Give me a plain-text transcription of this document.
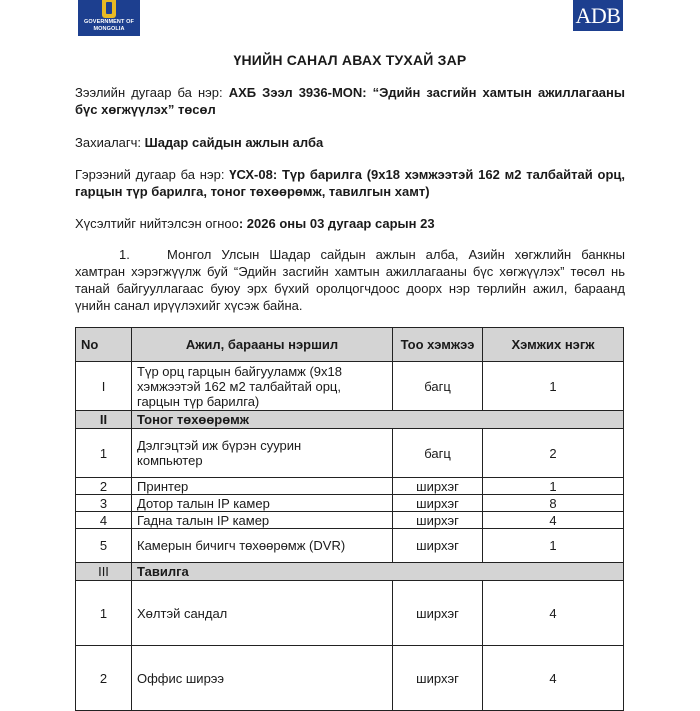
GOVERNMENT OF
MONGOLIA
ADB
ҮНИЙН САНАЛ АВАХ ТУХАЙ ЗАР
Зээлийн дугаар ба нэр: АХБ Зээл 3936-MON: “Эдийн засгийн хамтын ажиллагааны бүс хөгжүүлэх” төсөл
Захиалагч: Шадар сайдын ажлын алба
Гэрээний дугаар ба нэр: ҮСХ-08: Түр барилга (9x18 хэмжээтэй 162 м2 талбайтай орц, гарцын түр барилга, тоног төхөөрөмж, тавилгын хамт)
Хүсэлтийг нийтэлсэн огноо: 2026 оны 03 дугаар сарын 23
1.	Монгол Улсын Шадар сайдын ажлын алба, Азийн хөгжлийн банкны хамтран хэрэгжүүлж буй “Эдийн засгийн хамтын ажиллагааны бүс хөгжүүлэх” төсөл нь танай байгууллагаас буюу эрх бүхий оролцогчдоос доорх нэр төрлийн ажил, бараанд үнийн санал ирүүлэхийг хүсэж байна.
No	Ажил, барааны нэршил	Тоо хэмжээ	Хэмжих нэгж
I	Түр орц гарцын байгууламж (9x18 хэмжээтэй 162 м2 талбайтай орц, гарцын түр барилга)	багц	1
II	Тоног төхөөрөмж		
1	Дэлгэцтэй иж бүрэн суурин компьютер	багц	2
2	Принтер	ширхэг	1
3	Дотор талын IP камер	ширхэг	8
4	Гадна талын IP камер	ширхэг	4
5	Камерын бичигч төхөөрөмж (DVR)	ширхэг	1
III	Тавилга		
1	Хөлтэй сандал	ширхэг	4
2	Оффис ширээ	ширхэг	4
